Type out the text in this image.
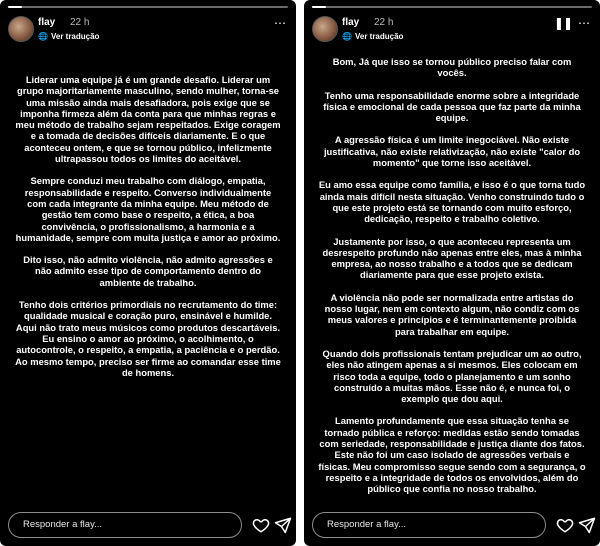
flay 22 h
🌐 Ver tradução
⋯

Liderar uma equipe já é um grande desafio. Liderar um grupo majoritariamente masculino, sendo mulher, torna-se uma missão ainda mais desafiadora, pois exige que se imponha firmeza além da conta para que minhas regras e meu método de trabalho sejam respeitados. Exige coragem e a tomada de decisões difíceis diariamente. E o que aconteceu ontem, e que se tornou público, infelizmente ultrapassou todos os limites do aceitável.

Sempre conduzi meu trabalho com diálogo, empatia, responsabilidade e respeito. Converso individualmente com cada integrante da minha equipe. Meu método de gestão tem como base o respeito, a ética, a boa convivência, o profissionalismo, a harmonia e a humanidade, sempre com muita justiça e amor ao próximo.

Dito isso, não admito violência, não admito agressões e não admito esse tipo de comportamento dentro do ambiente de trabalho.

Tenho dois critérios primordiais no recrutamento do time: qualidade musical e coração puro, ensinável e humilde. Aqui não trato meus músicos como produtos descartáveis. Eu ensino o amor ao próximo, o acolhimento, o autocontrole, o respeito, a empatia, a paciência e o perdão. Ao mesmo tempo, preciso ser firme ao comandar esse time de homens.

Responder a flay...
flay 22 h
🌐 Ver tradução
❚❚ ⋯

Bom, Já que isso se tornou público preciso falar com vocês.

Tenho uma responsabilidade enorme sobre a integridade física e emocional de cada pessoa que faz parte da minha equipe.

A agressão física é um limite inegociável. Não existe justificativa, não existe relativização, não existe "calor do momento" que torne isso aceitável.

Eu amo essa equipe como família, e isso é o que torna tudo ainda mais difícil nesta situação. Venho construindo tudo o que este projeto está se tornando com muito esforço, dedicação, respeito e trabalho coletivo.

Justamente por isso, o que aconteceu representa um desrespeito profundo não apenas entre eles, mas à minha empresa, ao nosso trabalho e a todos que se dedicam diariamente para que esse projeto exista.

A violência não pode ser normalizada entre artistas do nosso lugar, nem em contexto algum, não condiz com os meus valores e princípios e é terminantemente proibida para trabalhar em equipe.

Quando dois profissionais tentam prejudicar um ao outro, eles não atingem apenas a si mesmos. Eles colocam em risco toda a equipe, todo o planejamento e um sonho construído a muitas mãos. Esse não é, e nunca foi, o exemplo que dou aqui.

Lamento profundamente que essa situação tenha se tornado pública e reforço: medidas estão sendo tomadas com seriedade, responsabilidade e justiça diante dos fatos. Este não foi um caso isolado de agressões verbais e físicas. Meu compromisso segue sendo com a segurança, o respeito e a integridade de todos os envolvidos, além do público que confia no nosso trabalho.

Responder a flay...
